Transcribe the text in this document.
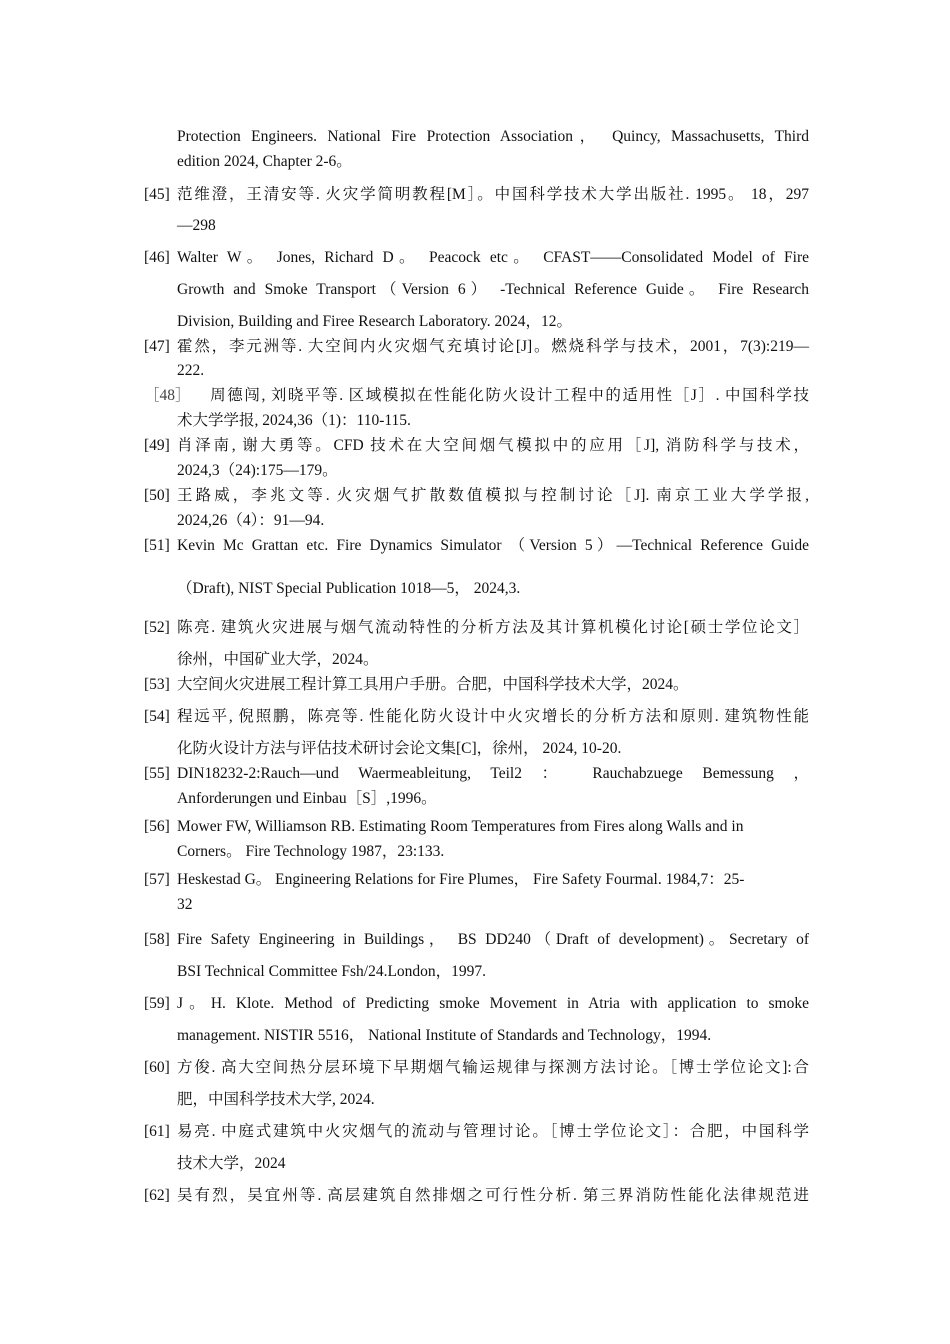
Protection Engineers. National Fire Protection Association， Quincy, Massachusetts, Third
edition 2024, Chapter 2-6。
[45] 范维澄，王清安等. 火灾学简明教程[M］。中国科学技术大学出版社. 1995。 18，297
—298
[46] Walter W。 Jones, Richard D。 Peacock etc。 CFAST——Consolidated Model of Fire
Growth and Smoke Transport（Version 6） -Technical Reference Guide。 Fire Research
Division, Building and Firee Research Laboratory. 2024，12。
[47] 霍然，李元洲等. 大空间内火灾烟气充填讨论[J]。燃烧科学与技术，2001，7(3):219—
222.
［48］ 　周德闯, 刘晓平等. 区域模拟在性能化防火设计工程中的适用性［J］. 中国科学技
术大学学报, 2024,36（1)：110-115.
[49] 肖泽南, 谢大勇等。CFD 技术在大空间烟气模拟中的应用［J], 消防科学与技术，
2024,3（24):175—179。
[50] 王路威，李兆文等. 火灾烟气扩散数值模拟与控制讨论［J]. 南京工业大学学报,
2024,26（4）：91—94.
[51] Kevin Mc Grattan etc. Fire Dynamics Simulator （Version 5）—Technical Reference Guide
（Draft), NIST Special Publication 1018—5， 2024,3.
[52] 陈亮. 建筑火灾进展与烟气流动特性的分析方法及其计算机模化讨论[硕士学位论文］
徐州，中国矿业大学，2024。
[53] 大空间火灾进展工程计算工具用户手册。合肥，中国科学技术大学，2024。
[54] 程远平, 倪照鹏，陈亮等. 性能化防火设计中火灾增长的分析方法和原则. 建筑物性能
化防火设计方法与评估技术研讨会论文集[C]，徐州， 2024, 10-20.
[55] DIN18232-2:Rauch—und Waermeableitung, Teil2 ： Rauchabzuege Bemessung ，
Anforderungen und Einbau［S］,1996。
[56] Mower FW, Williamson RB. Estimating Room Temperatures from Fires along Walls and in
Corners。 Fire Technology 1987，23:133.
[57] Heskestad G。 Engineering Relations for Fire Plumes， Fire Safety Fourmal. 1984,7：25-
32
[58] Fire Safety Engineering in Buildings， BS DD240（Draft of development)。Secretary of
BSI Technical Committee Fsh/24.London，1997.
[59] J。H. Klote. Method of Predicting smoke Movement in Atria with application to smoke
management. NISTIR 5516， National Institute of Standards and Technology，1994.
[60] 方俊. 高大空间热分层环境下早期烟气输运规律与探测方法讨论。［博士学位论文]:合
肥，中国科学技术大学, 2024.
[61] 易亮. 中庭式建筑中火灾烟气的流动与管理讨论。［博士学位论文］：合肥，中国科学
技术大学，2024
[62] 吴有烈，吴宜州等. 高层建筑自然排烟之可行性分析. 第三界消防性能化法律规范进
